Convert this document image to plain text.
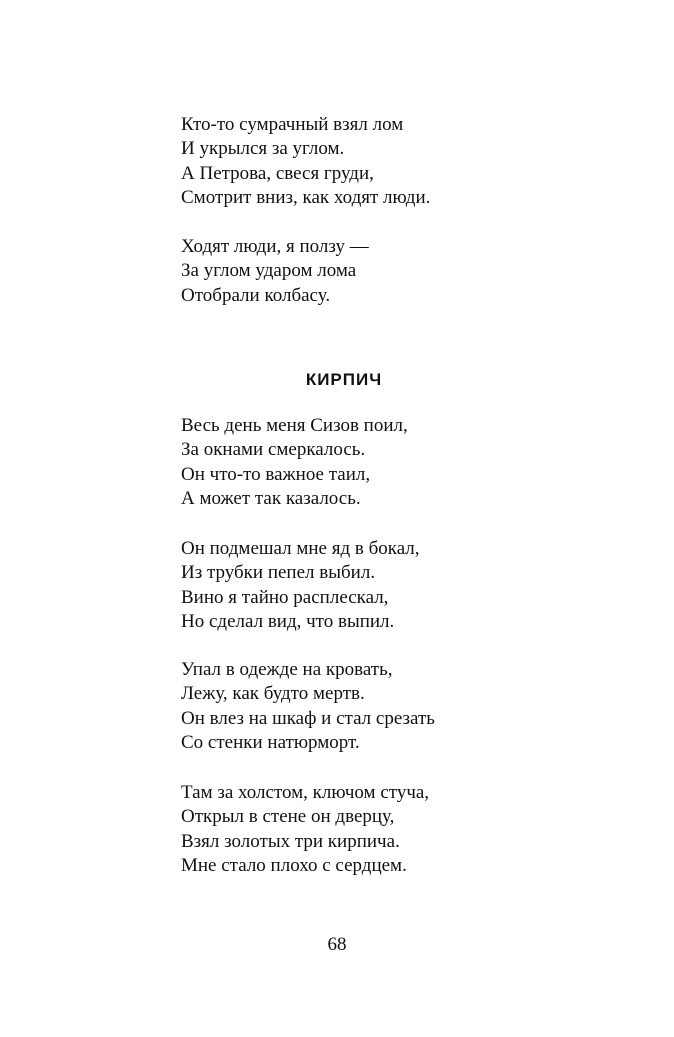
Кто-то сумрачный взял лом
И укрылся за углом.
А Петрова, свеся груди,
Смотрит вниз, как ходят люди.
Ходят люди, я ползу —
За углом ударом лома
Отобрали колбасу.
КИРПИЧ
Весь день меня Сизов поил,
За окнами смеркалось.
Он что-то важное таил,
А может так казалось.
Он подмешал мне яд в бокал,
Из трубки пепел выбил.
Вино я тайно расплескал,
Но сделал вид, что выпил.
Упал в одежде на кровать,
Лежу, как будто мертв.
Он влез на шкаф и стал срезать
Со стенки натюрморт.
Там за холстом, ключом стуча,
Открыл в стене он дверцу,
Взял золотых три кирпича.
Мне стало плохо с сердцем.
68
